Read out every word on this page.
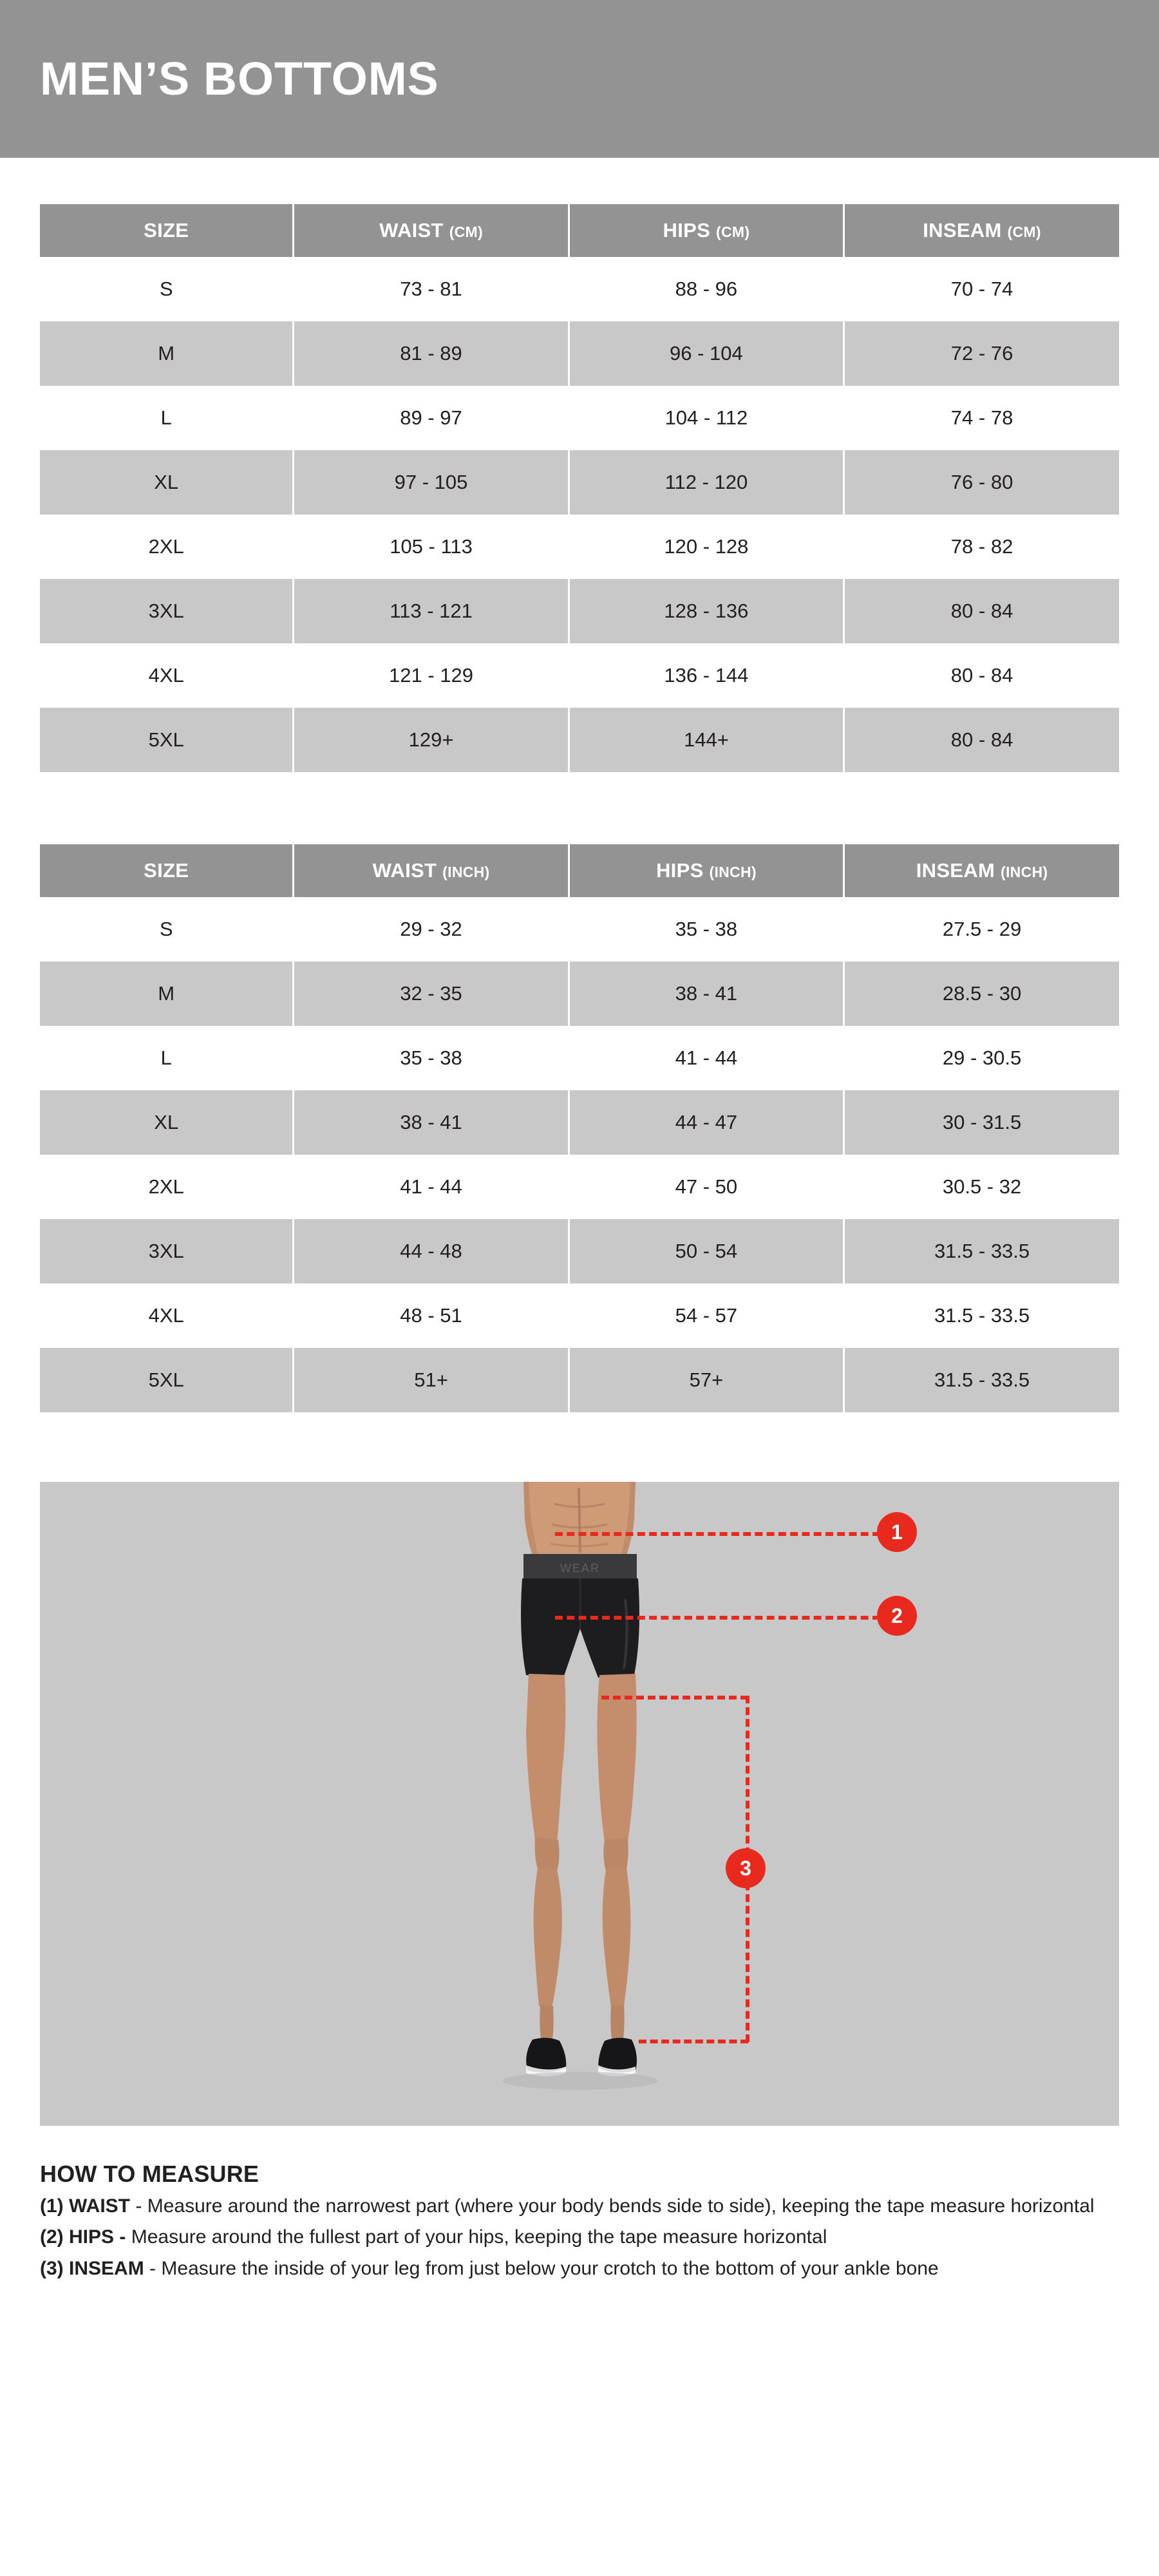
MEN’S BOTTOMS
SIZE	WAIST (CM)	HIPS (CM)	INSEAM (CM)
S	73 - 81	88 - 96	70 - 74
M	81 - 89	96 - 104	72 - 76
L	89 - 97	104 - 112	74 - 78
XL	97 - 105	112 - 120	76 - 80
2XL	105 - 113	120 - 128	78 - 82
3XL	113 - 121	128 - 136	80 - 84
4XL	121 - 129	136 - 144	80 - 84
5XL	129+	144+	80 - 84
SIZE	WAIST (INCH)	HIPS (INCH)	INSEAM (INCH)
S	29 - 32	35 - 38	27.5 - 29
M	32 - 35	38 - 41	28.5 - 30
L	35 - 38	41 - 44	29 - 30.5
XL	38 - 41	44 - 47	30 - 31.5
2XL	41 - 44	47 - 50	30.5 - 32
3XL	44 - 48	50 - 54	31.5 - 33.5
4XL	48 - 51	54 - 57	31.5 - 33.5
5XL	51+	57+	31.5 - 33.5
WEAR
1
2
3
HOW TO MEASURE

(1) WAIST - Measure around the narrowest part (where your body bends side to side), keeping the tape measure horizontal

(2) HIPS - Measure around the fullest part of your hips, keeping the tape measure horizontal

(3) INSEAM - Measure the inside of your leg from just below your crotch to the bottom of your ankle bone
